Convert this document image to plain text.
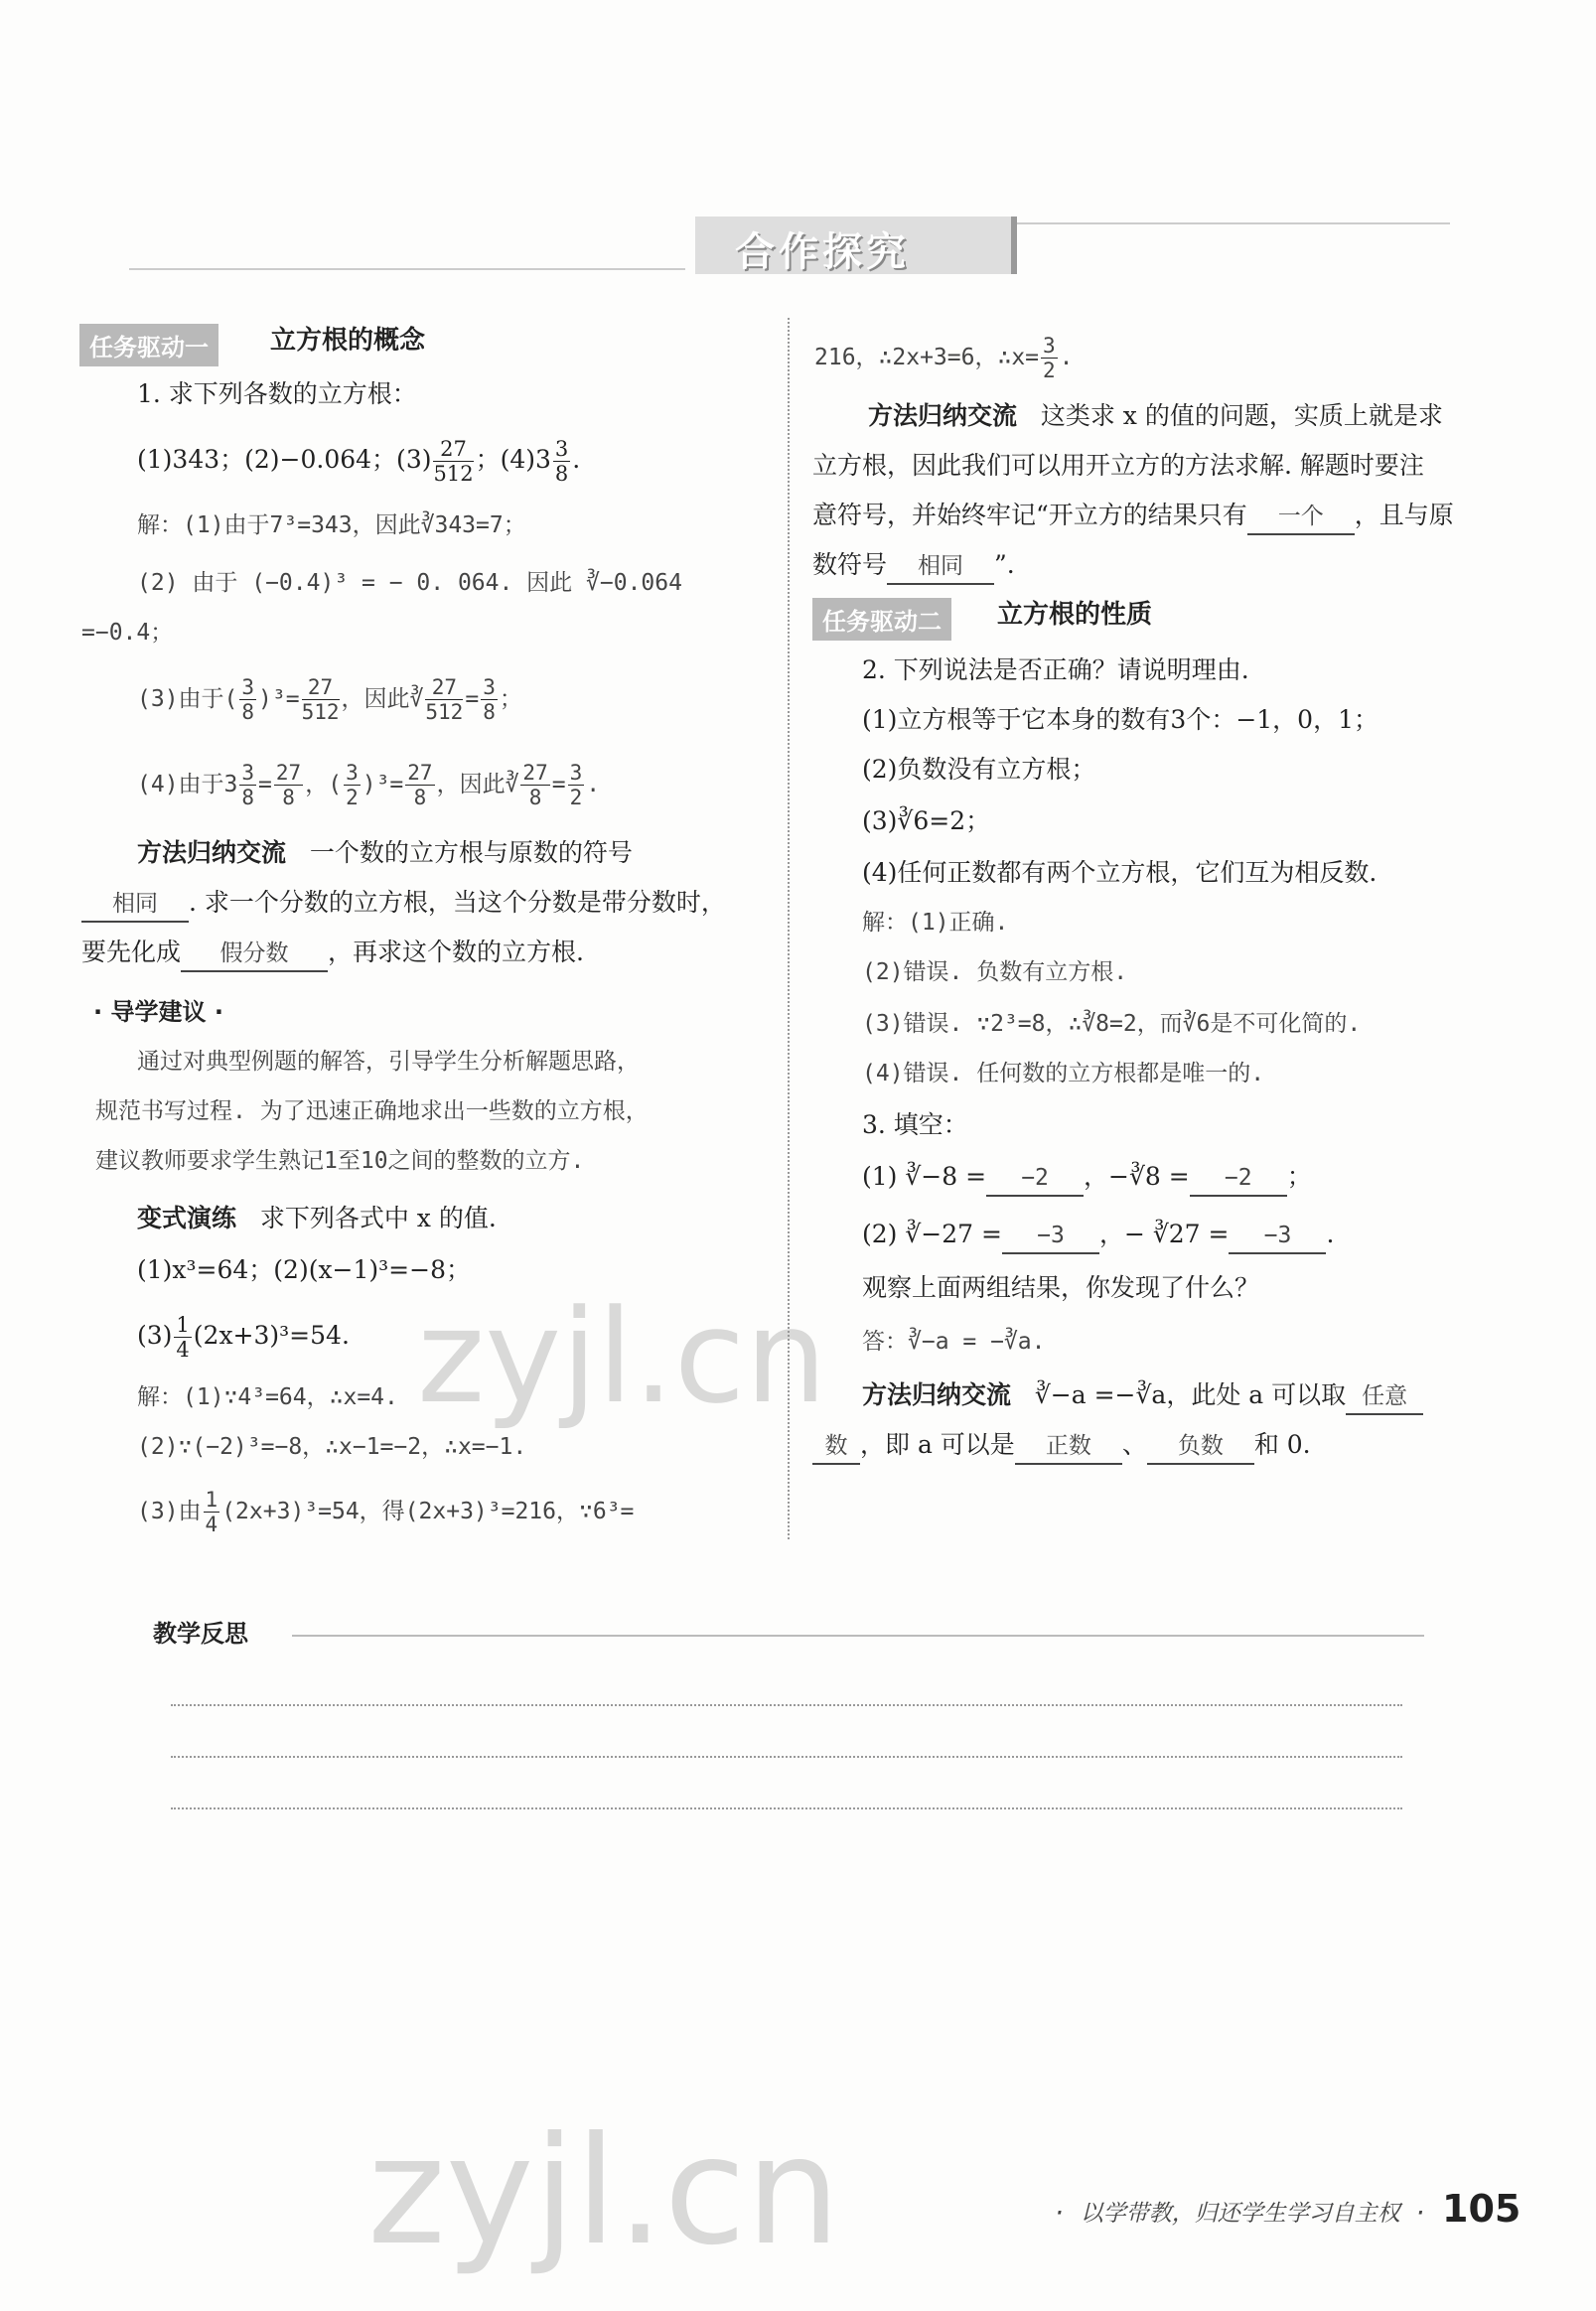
合作探究
任务驱动一	立方根的概念
1. 求下列各数的立方根：
(1)343；(2)−0.064；$(3) \frac{27}{512}$ ；$(4)3 \frac{3}{8}$ .
解：(1)由于7³=343，因此∛343=7；
(2) 由于 (−0.4)³ = − 0. 064. 因此 ∛−0.064
=−0.4；
(3)由于( $\frac{3}{8} )^3= \frac{27}{512}$ ，因此∛ $\frac{27}{512} = \frac{3}{8}$ ；
(4)由于$3 \frac{3}{8} = \frac{27}{8}$ ，( $\frac{3}{2} )^3= \frac{27}{8}$ ，因此∛ $\frac{27}{8} = \frac{3}{2}$ .
方法归纳交流 一个数的立方根与原数的符号
相同 . 求一个分数的立方根，当这个分数是带分数时，
要先化成 假分数 ，再求这个数的立方根.
· 导学建议 ·
通过对典型例题的解答，引导学生分析解题思路，
规范书写过程. 为了迅速正确地求出一些数的立方根，
建议教师要求学生熟记1至10之间的整数的立方.
变式演练 求下列各式中 x 的值.
(1)x³=64；(2)(x−1)³=−8；
$(3) \frac{1}{4} (2x+3)^3=54$.
解：(1)∵4³=64，∴x=4.
(2)∵(−2)³=−8，∴x−1=−2，∴x=−1.
(3)由 $\frac{1}{4} (2x+3)^3=54$，得(2x+3)³=216，∵6³=
216，∴2x+3=6，∴x= $\frac{3}{2}$ .
方法归纳交流 这类求 x 的值的问题，实质上就是求
立方根，因此我们可以用开立方的方法求解. 解题时要注
意符号，并始终牢记“开立方的结果只有 一个 ，且与原
数符号 相同 ”.
任务驱动二	立方根的性质
2. 下列说法是否正确？请说明理由.
(1)立方根等于它本身的数有3个：−1，0，1；
(2)负数没有立方根；
(3)∛6=2；
(4)任何正数都有两个立方根，它们互为相反数.
解：(1)正确.
(2)错误. 负数有立方根.
(3)错误. ∵2³=8，∴∛8=2，而∛6是不可化简的.
(4)错误. 任何数的立方根都是唯一的.
3. 填空：
(1) ∛−8 = −2 ，−∛8 = −2 ；
(2) ∛−27 = −3 ，− ∛27 = −3 .
观察上面两组结果，你发现了什么？
答：∛−a = −∛a.
方法归纳交流 ∛−a =−∛a，此处 a 可以取 任意
数 ，即 a 可以是 正数 、 负数 和 0.
教学反思
zyjl.cn
zyjl.cn	· 以学带教，归还学生学习自主权 · 105
